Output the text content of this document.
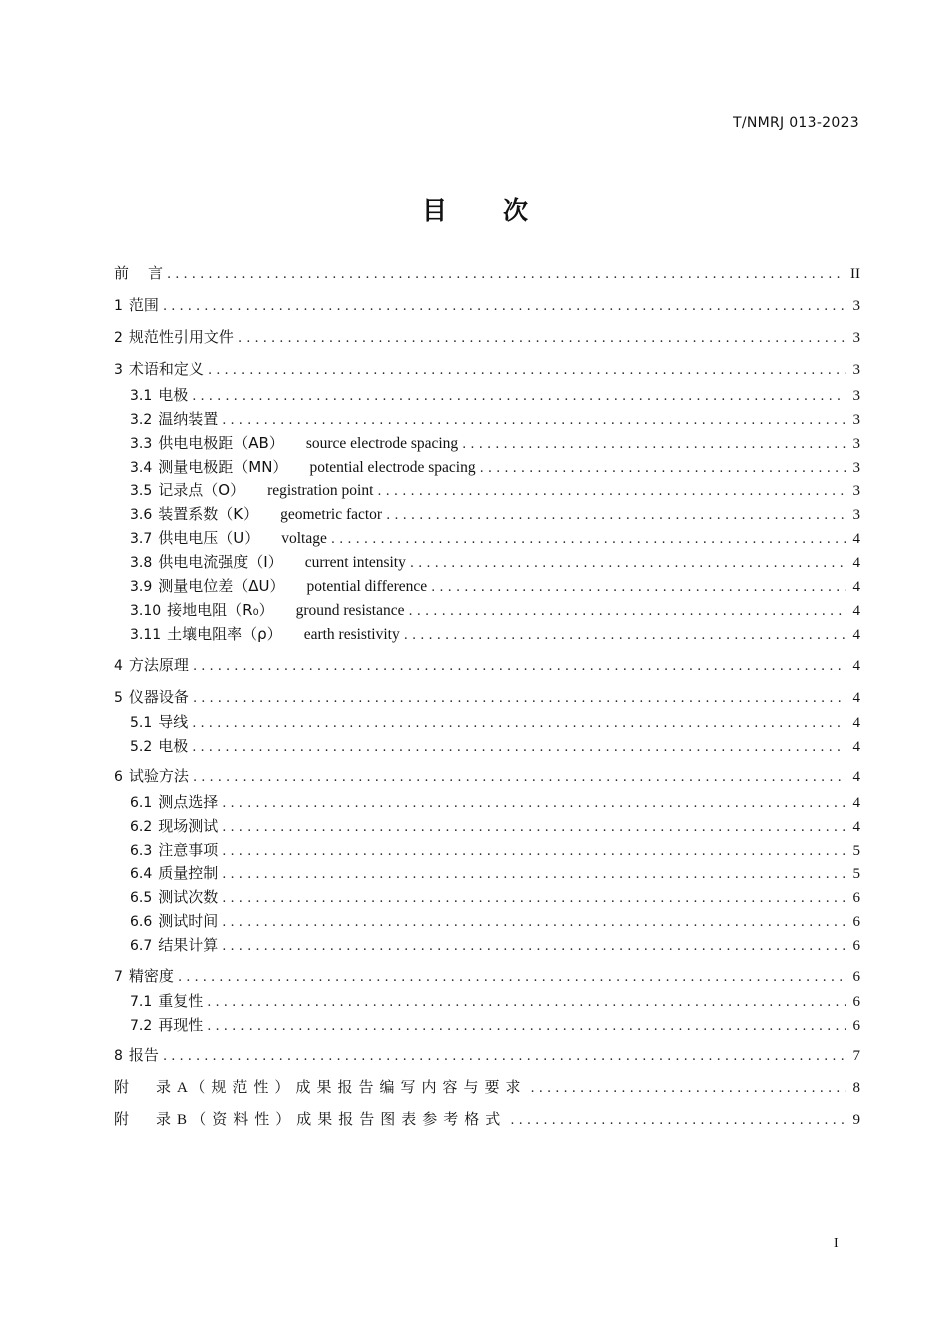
T/NMRJ 013-2023
目 次
前	言 . . .	II
1 范围 . . .	3
2 规范性引用文件 . . .	3
3 术语和定义 . . .	3
3.1 电极 . . .	3
3.2 温纳装置 . . .	3
3.3 供电电极距（AB） source electrode spacing . . .	3
3.4 测量电极距（MN） potential electrode spacing . . .	3
3.5 记录点（O） registration point . . .	3
3.6 装置系数（K） geometric factor . . .	3
3.7 供电电压（U） voltage . . .	4
3.8 供电电流强度（I） current intensity . . .	4
3.9 测量电位差（ΔU） potential difference . . .	4
3.10 接地电阻（R₀） ground resistance . . .	4
3.11 土壤电阻率（ρ） earth resistivity . . .	4
4 方法原理 . . .	4
5 仪器设备 . . .	4
5.1 导线 . . .	4
5.2 电极 . . .	4
6 试验方法 . . .	4
6.1 测点选择 . . .	4
6.2 现场测试 . . .	4
6.3 注意事项 . . .	5
6.4 质量控制 . . .	5
6.5 测试次数 . . .	6
6.6 测试时间 . . .	6
6.7 结果计算 . . .	6
7 精密度 . . .	6
7.1 重复性 . . .	6
7.2 再现性 . . .	6
8 报告 . . .	7
附　录 A （规范性） 成果报告编写内容与要求 . . .	8
附　录 B （资料性） 成果报告图表参考格式 . . .	9
I
